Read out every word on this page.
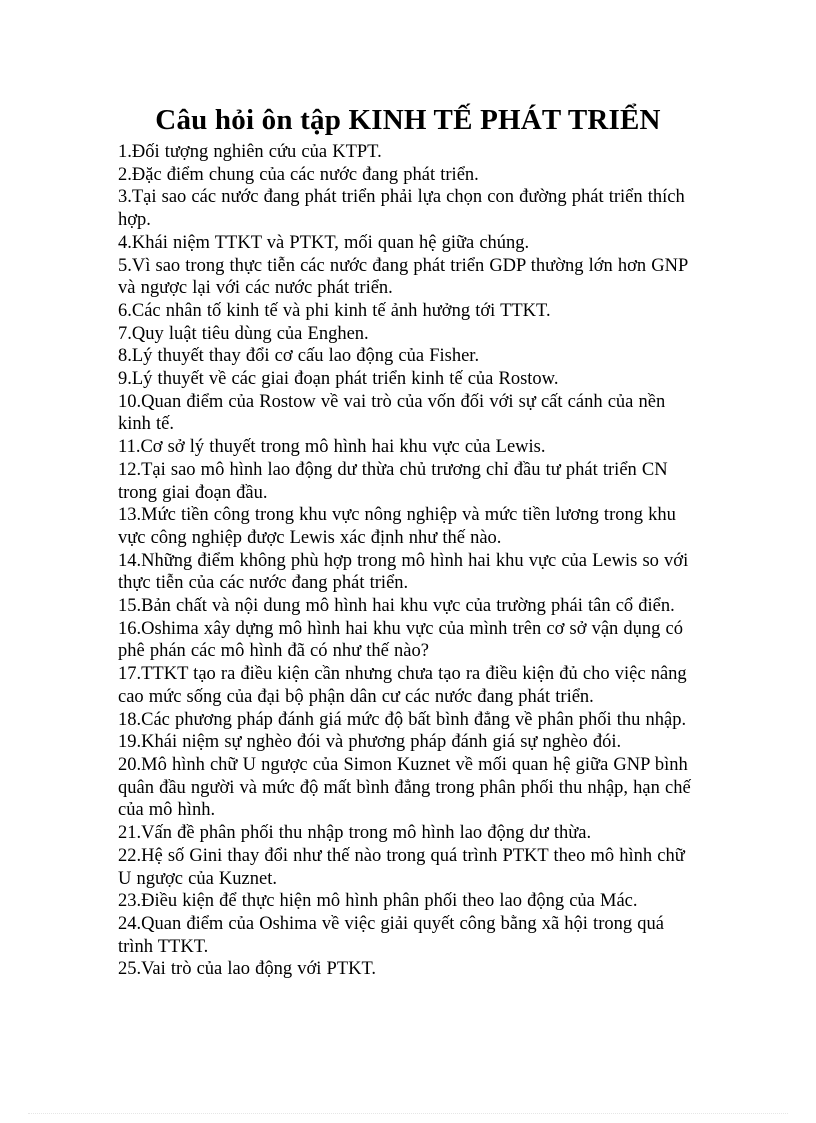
Câu hỏi ôn tập KINH TẾ PHÁT TRIỂN
1.Đối tượng nghiên cứu của KTPT.
2.Đặc điểm chung của các nước đang phát triển.
3.Tại sao các nước đang phát triển phải lựa chọn con đường phát triển thích hợp.
4.Khái niệm TTKT và PTKT, mối quan hệ giữa chúng.
5.Vì sao trong thực tiễn các nước đang phát triển GDP thường lớn hơn GNP và ngược lại với các nước phát triển.
6.Các nhân tố kinh tế và phi kinh tế ảnh hưởng tới TTKT.
7.Quy luật tiêu dùng của Enghen.
8.Lý thuyết thay đổi cơ cấu lao động của Fisher.
9.Lý thuyết về các giai đoạn phát triển kinh tế của Rostow.
10.Quan điểm của Rostow về vai trò của vốn đối với sự cất cánh của nền kinh tế.
11.Cơ sở lý thuyết trong mô hình hai khu vực của Lewis.
12.Tại sao mô hình lao động dư thừa chủ trương chỉ đầu tư phát triển CN trong giai đoạn đầu.
13.Mức tiền công trong khu vực nông nghiệp và mức tiền lương trong khu vực công nghiệp được Lewis xác định như thế nào.
14.Những điểm không phù hợp trong mô hình hai khu vực của Lewis so với thực tiễn của các nước đang phát triển.
15.Bản chất và nội dung mô hình hai khu vực của trường phái tân cổ điển.
16.Oshima xây dựng mô hình hai khu vực của mình trên cơ sở vận dụng có phê phán các mô hình đã có như thế nào?
17.TTKT tạo ra điều kiện cần nhưng chưa tạo ra điều kiện đủ cho việc nâng cao mức sống của đại bộ phận dân cư các nước đang phát triển.
18.Các phương pháp đánh giá mức độ bất bình đẳng về phân phối thu nhập.
19.Khái niệm sự nghèo đói và phương pháp đánh giá sự nghèo đói.
20.Mô hình chữ U ngược của Simon Kuznet về mối quan hệ giữa GNP bình quân đầu người và mức độ mất bình đẳng trong phân phối thu nhập, hạn chế của mô hình.
21.Vấn đề phân phối thu nhập trong mô hình lao động dư thừa.
22.Hệ số Gini thay đổi như thế nào trong quá trình PTKT theo mô hình chữ U ngược của Kuznet.
23.Điều kiện để thực hiện mô hình phân phối theo lao động của Mác.
24.Quan điểm của Oshima về việc giải quyết công bằng xã hội trong quá trình TTKT.
25.Vai trò của lao động với PTKT.
